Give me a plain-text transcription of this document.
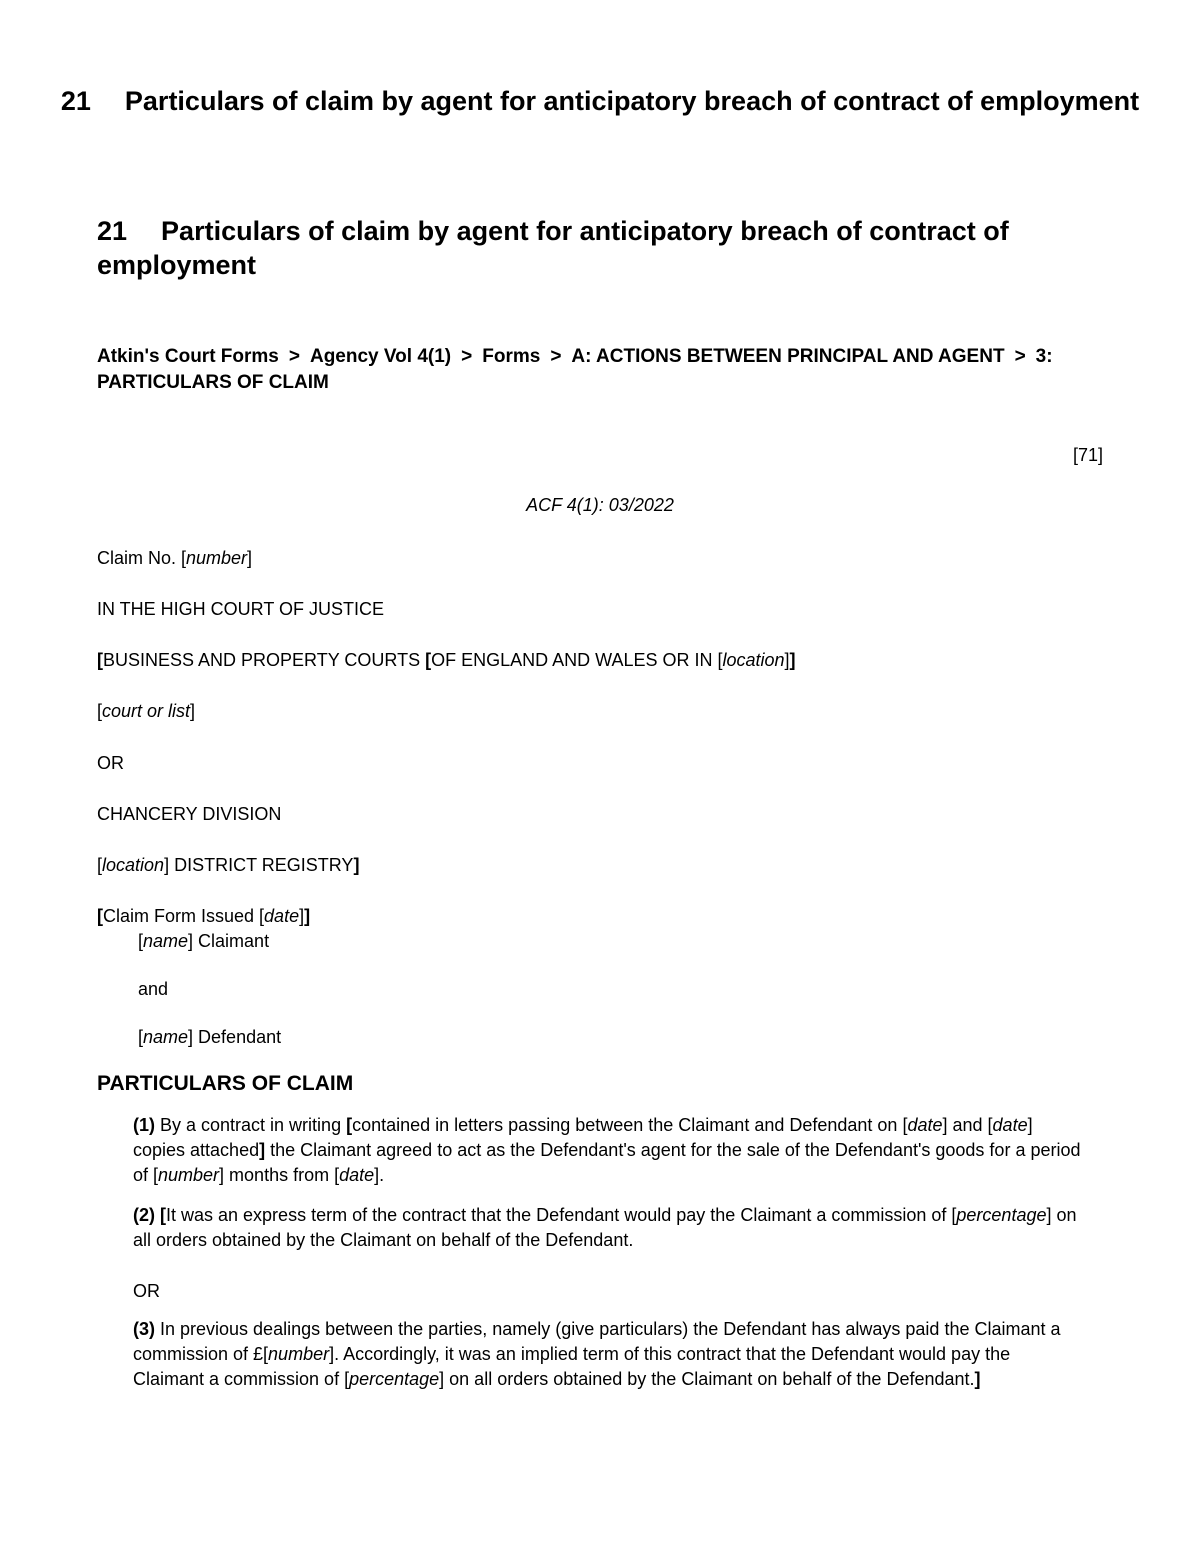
21 Particulars of claim by agent for anticipatory breach of contract of employment
21 Particulars of claim by agent for anticipatory breach of contract of employment
Atkin's Court Forms > Agency Vol 4(1) > Forms > A: ACTIONS BETWEEN PRINCIPAL AND AGENT > 3: PARTICULARS OF CLAIM
[71]
ACF 4(1): 03/2022
Claim No. [number]
IN THE HIGH COURT OF JUSTICE
[BUSINESS AND PROPERTY COURTS [OF ENGLAND AND WALES OR IN [location]]
[court or list]
OR
CHANCERY DIVISION
[location] DISTRICT REGISTRY]
[Claim Form Issued [date]]
[name] Claimant
and
[name] Defendant
PARTICULARS OF CLAIM
(1) By a contract in writing [contained in letters passing between the Claimant and Defendant on [date] and [date] copies attached] the Claimant agreed to act as the Defendant's agent for the sale of the Defendant's goods for a period of [number] months from [date].
(2) [It was an express term of the contract that the Defendant would pay the Claimant a commission of [percentage] on all orders obtained by the Claimant on behalf of the Defendant.
OR
(3) In previous dealings between the parties, namely (give particulars) the Defendant has always paid the Claimant a commission of £[number]. Accordingly, it was an implied term of this contract that the Defendant would pay the Claimant a commission of [percentage] on all orders obtained by the Claimant on behalf of the Defendant.]
